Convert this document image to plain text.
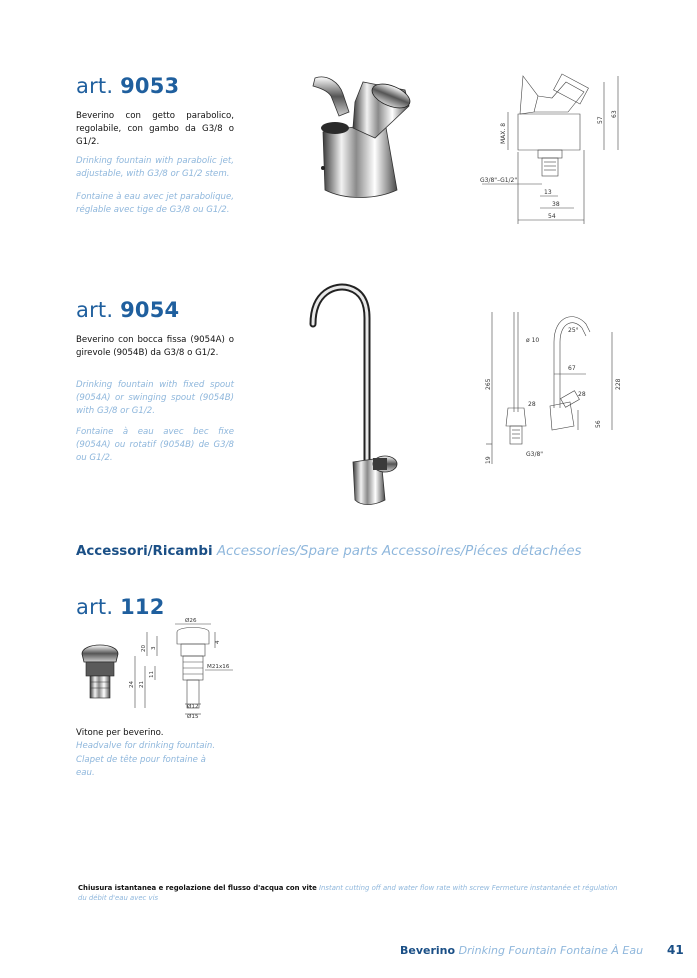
art. 9053
Beverino con getto parabolico, regolabile, con gambo da G3/8 o G1/2.
Drinking fountain with parabolic jet, adjustable, with G3/8 or G1/2 stem.
Fontaine à eau avec jet parabolique, réglable avec tige de G3/8 ou G1/2.
MAX. 8
57
63
G3/8"–G1/2"
13
38
54
art. 9054
Beverino con bocca fissa (9054A) o girevole (9054B) da G3/8 o G1/2.
Drinking fountain with fixed spout (9054A) or swinging spout (9054B) with G3/8 or G1/2.
Fontaine à eau avec bec fixe (9054A) ou rotatif (9054B) de G3/8 ou G1/2.
ø 10
25°
67
265	228
28
28
56
19
G3/8"
Accessori/Ricambi Accessories/Spare parts Accessoires/Piéces détachées
art. 112
Ø26
20 3
4
M21x16
24 21
11
Ø12
Ø15
Vitone per beverino.
Headvalve for drinking fountain.
Clapet de tête pour fontaine à eau.
Chiusura istantanea e regolazione del flusso d'acqua con vite Instant cutting off and water flow rate with screw Fermeture instantanée et régulation du débit d'eau avec vis
Beverino Drinking Fountain Fontaine À Eau 41
